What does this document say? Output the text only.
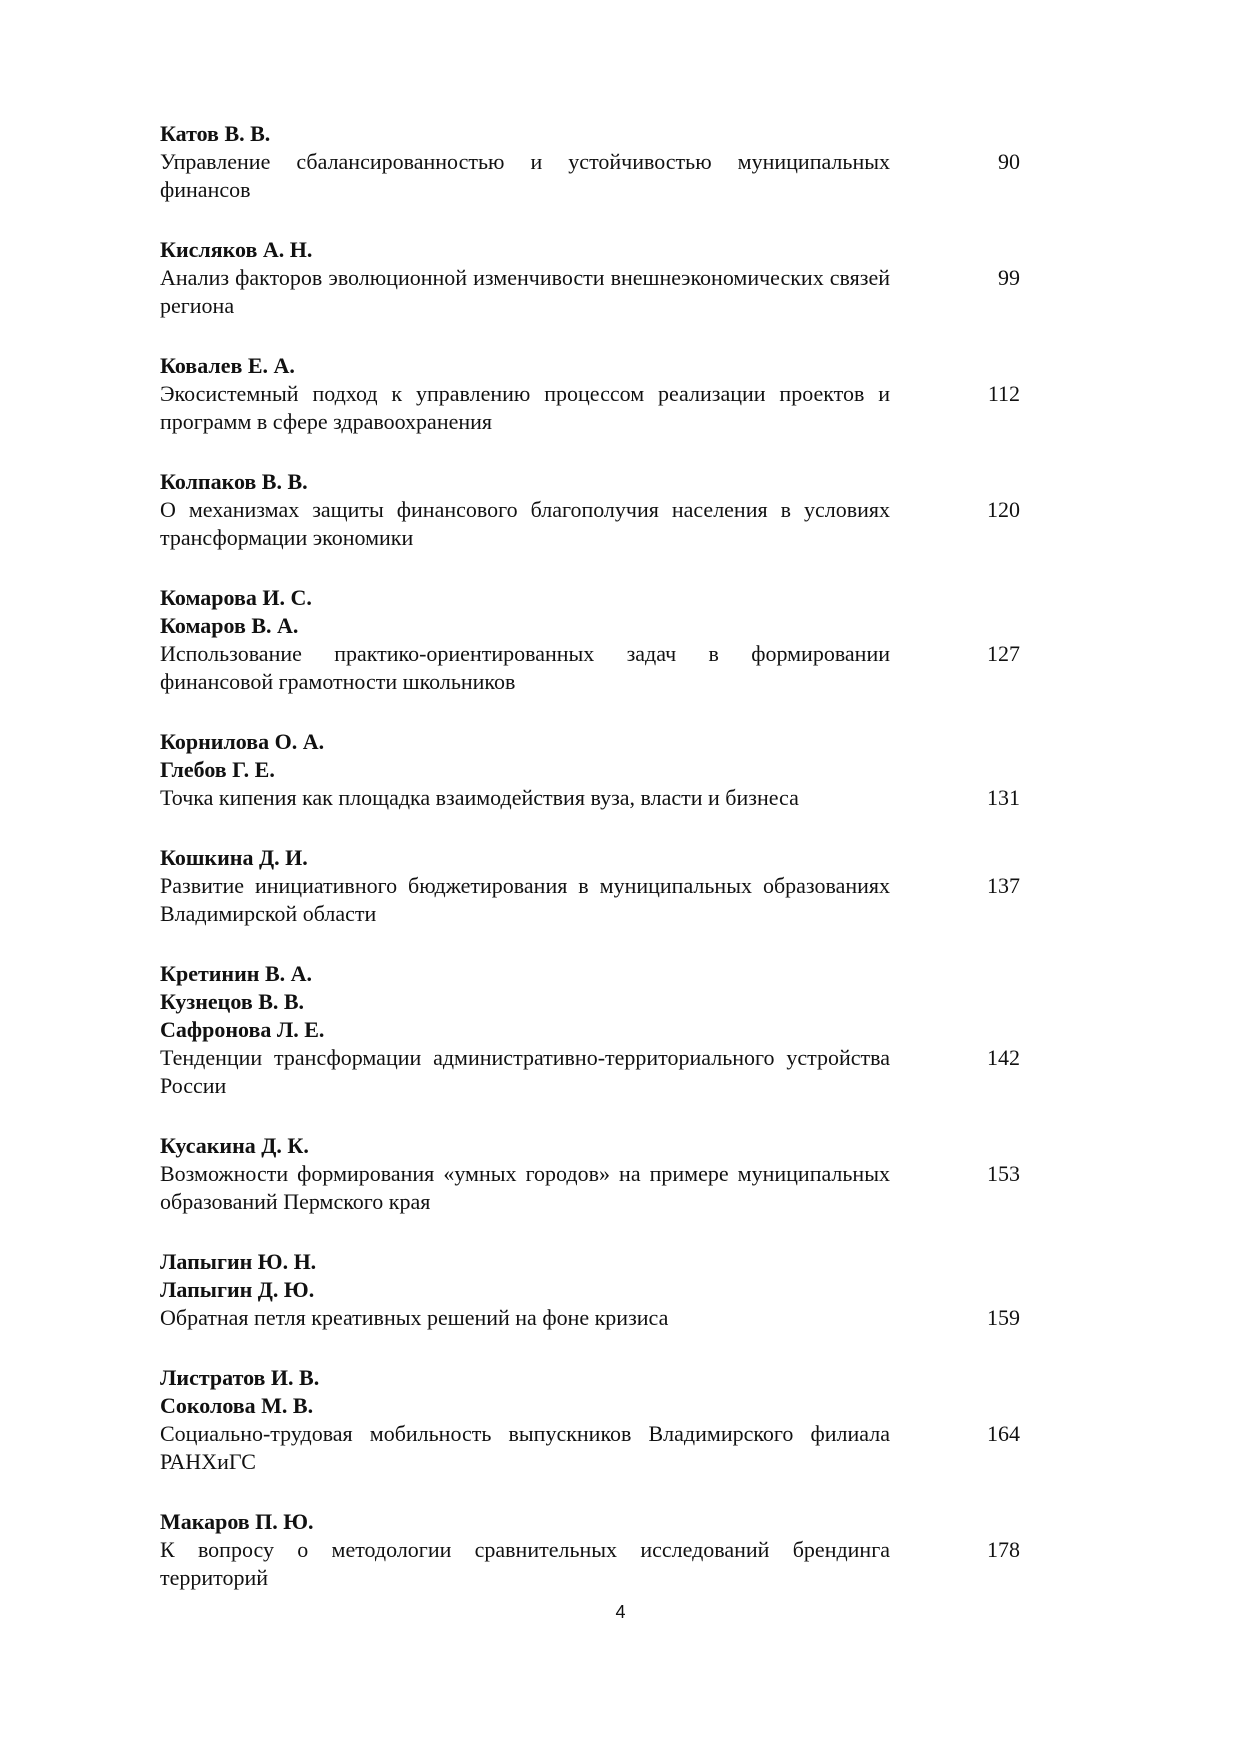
Катов В. В.
Управление сбалансированностью и устойчивостью муниципальных финансов
90
Кисляков А. Н.
Анализ факторов эволюционной изменчивости внешнеэкономических связей региона
99
Ковалев Е. А.
Экосистемный подход к управлению процессом реализации проектов и программ в сфере здравоохранения
112
Колпаков В. В.
О механизмах защиты финансового благополучия населения в условиях трансформации экономики
120
Комарова И. С.
Комаров В. А.
Использование практико-ориентированных задач в формировании финансовой грамотности школьников
127
Корнилова О. А.
Глебов Г. Е.
Точка кипения как площадка взаимодействия вуза, власти и бизнеса	131
Кошкина Д. И.
Развитие инициативного бюджетирования в муниципальных образованиях Владимирской области
137
Кретинин В. А.
Кузнецов В. В.
Сафронова Л. Е.
Тенденции трансформации административно-территориального устройства России
142
Кусакина Д. К.
Возможности формирования «умных городов» на примере муниципальных образований Пермского края
153
Лапыгин Ю. Н.
Лапыгин Д. Ю.
Обратная петля креативных решений на фоне кризиса	159
Листратов И. В.
Соколова М. В.
Социально-трудовая мобильность выпускников Владимирского филиала РАНХиГС
164
Макаров П. Ю.
К вопросу о методологии сравнительных исследований брендинга территорий
178
4
